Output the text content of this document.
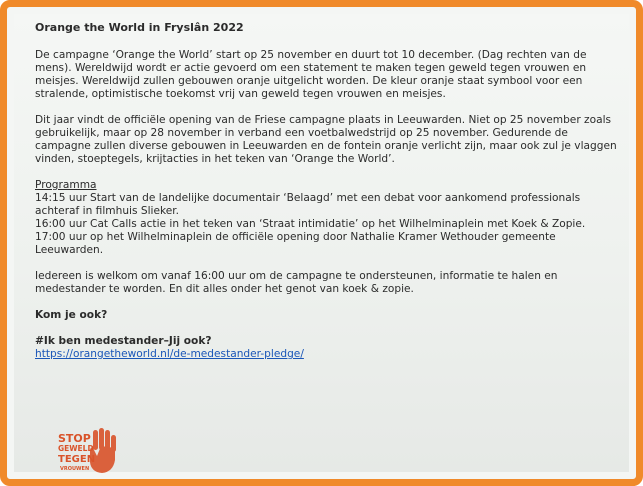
Orange the World in Fryslân 2022

De campagne ‘Orange the World’ start op 25 november en duurt tot 10 december. (Dag rechten van de mens). Wereldwijd wordt er actie gevoerd om een statement te maken tegen geweld tegen vrouwen en meisjes. Wereldwijd zullen gebouwen oranje uitgelicht worden. De kleur oranje staat symbool voor een stralende, optimistische toekomst vrij van geweld tegen vrouwen en meisjes.

Dit jaar vindt de officiële opening van de Friese campagne plaats in Leeuwarden. Niet op 25 november zoals gebruikelijk, maar op 28 november in verband een voetbalwedstrijd op 25 november. Gedurende de campagne zullen diverse gebouwen in Leeuwarden en de fontein oranje verlicht zijn, maar ook zul je vlaggen vinden, stoeptegels, krijtacties in het teken van ‘Orange the World’.

Programma

14:15 uur Start van de landelijke documentair ‘Belaagd’ met een debat voor aankomend professionals achteraf in filmhuis Slieker.

16:00 uur Cat Calls actie in het teken van ‘Straat intimidatie’ op het Wilhelminaplein met Koek & Zopie.

17:00 uur op het Wilhelminaplein de officiële opening door Nathalie Kramer Wethouder gemeente Leeuwarden.

Iedereen is welkom om vanaf 16:00 uur om de campagne te ondersteunen, informatie te halen en medestander te worden. En dit alles onder het genot van koek & zopie.

Kom je ook?

#Ik ben medestander–Jij ook?

https://orangetheworld.nl/de-medestander-pledge/

STOP
GEWELD
TEGEN
VROUWEN
